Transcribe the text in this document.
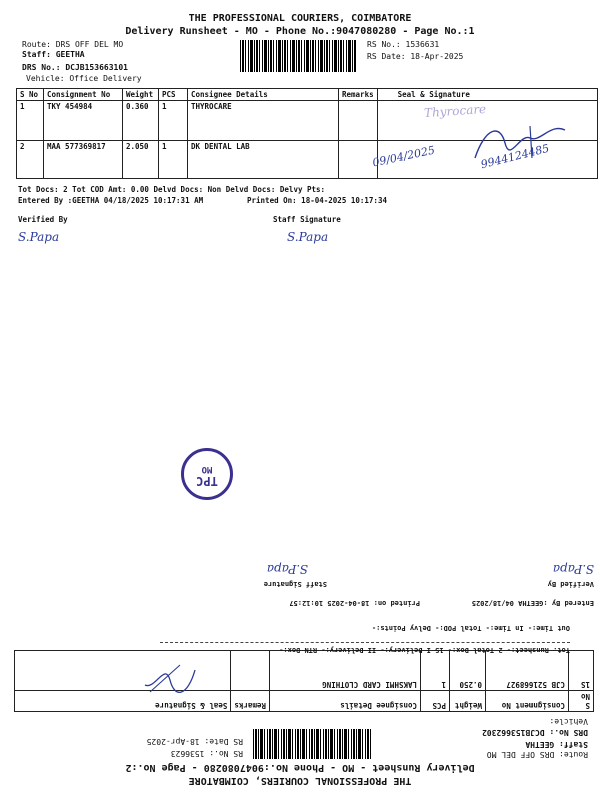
THE PROFESSIONAL COURIERS, COIMBATORE
Delivery Runsheet - MO - Phone No.:9047080280 - Page No.:1
Route: DRS OFF DEL MO
Staff: GEETHA
DRS No.: DCJB153663101
Vehicle: Office Delivery
RS No.: 1536631
RS Date: 18-Apr-2025
S No	Consignment No	Weight	PCS	Consignee Details	Remarks	Seal & Signature
1	TKY 454984	0.360	1	THYROCARE		
2	MAA 577369817	2.050	1	DK DENTAL LAB		
Thyrocare
09/04/2025	9944124485
Tot Docs: 2 Tot COD Amt: 0.00 Delvd Docs: Non Delvd Docs: Delvy Pts:
Entered By :GEETHA 04/18/2025 10:17:31 AM	Printed On: 18-04-2025 10:17:34
Verified By	Staff Signature
S.Papa	S.Papa
TPC
MO
THE PROFESSIONAL COURIERS, COIMBATORE
Delivery Runsheet - MO - Phone No.:9047080280 - Page No.:2
Route: DRS OFF DEL MO
Staff: GEETHA
DRS No.: DCJB153662302
Vehicle:
RS No.: 1536623
RS Date: 18-Apr-2025
S No	Consignment No	Weight	PCS	Consignee Details	Remarks	Seal & Signature
1S	CJB 521668927	0.250	1	LAKSHMI CARD CLOTHING		
Tot. Runsheet:- 2 Total Dox:- 1S I Delivery:- II Delivery:- RTN Dox:-
Out Time:- In Time:- Total POD:- Delvy Points:-
Entered By :GEETHA 04/18/2025
Printed on: 18-04-2025 10:12:57
Verified By
Staff Signature
S.Papa
S.Papa
